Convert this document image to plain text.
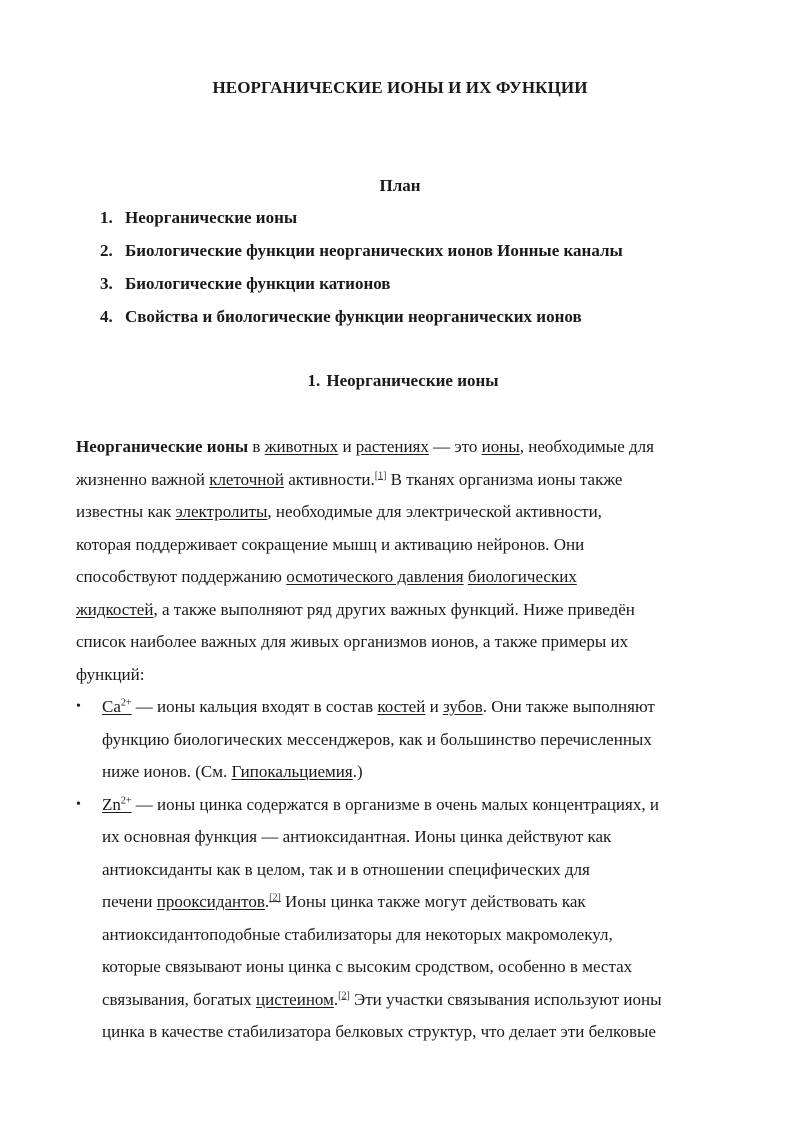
НЕОРГАНИЧЕСКИЕ ИОНЫ И ИХ ФУНКЦИИ
План
1. Неорганические ионы
2. Биологические функции неорганических ионов Ионные каналы
3. Биологические функции катионов
4. Свойства и биологические функции неорганических ионов
1. Неорганические ионы

Неорганические ионы в животных и растениях — это ионы, необходимые для
жизненно важной клеточной активности.[1] В тканях организма ионы также
известны как электролиты, необходимые для электрической активности,
которая поддерживает сокращение мышц и активацию нейронов. Они
способствуют поддержанию осмотического давления биологических
жидкостей, а также выполняют ряд других важных функций. Ниже приведён
список наиболее важных для живых организмов ионов, а также примеры их
функций:

•	$Ca^{2+}$ — ионы кальция входят в состав костей и зубов. Они также выполняют
функцию биологических мессенджеров, как и большинство перечисленных
ниже ионов. (См. Гипокальциемия.)
•	$Zn^{2+}$ — ионы цинка содержатся в организме в очень малых концентрациях, и
их основная функция — антиоксидантная. Ионы цинка действуют как
антиоксиданты как в целом, так и в отношении специфических для
печени прооксидантов.[2] Ионы цинка также могут действовать как
антиоксидантоподобные стабилизаторы для некоторых макромолекул,
которые связывают ионы цинка с высоким сродством, особенно в местах
связывания, богатых цистеином.[2] Эти участки связывания используют ионы
цинка в качестве стабилизатора белковых структур, что делает эти белковые
